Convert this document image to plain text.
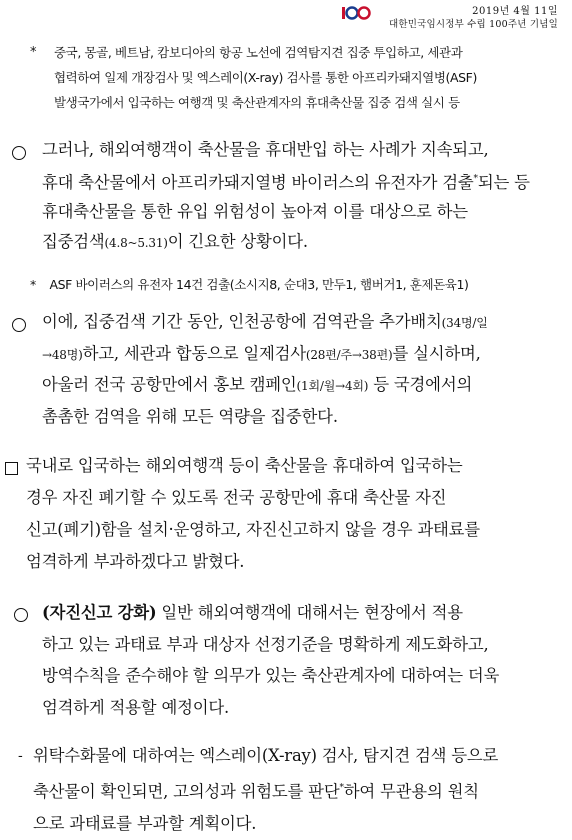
2019년 4월 11일
대한민국임시정부 수립 100주년 기념일
* 중국, 몽골, 베트남, 캄보디아의 항공 노선에 검역탐지견 집중 투입하고, 세관과
협력하여 일제 개장검사 및 엑스레이(X-ray) 검사를 통한 아프리카돼지열병(ASF)
발생국가에서 입국하는 여행객 및 축산관계자의 휴대축산물 집중 검색 실시 등
그러나, 해외여행객이 축산물을 휴대반입 하는 사례가 지속되고,
휴대 축산물에서 아프리카돼지열병 바이러스의 유전자가 검출*되는 등
휴대축산물을 통한 유입 위험성이 높아져 이를 대상으로 하는
집중검색(4.8~5.31)이 긴요한 상황이다.
* ASF 바이러스의 유전자 14건 검출(소시지8, 순대3, 만두1, 햄버거1, 훈제돈육1)
이에, 집중검색 기간 동안, 인천공항에 검역관을 추가배치(34명/일
→48명)하고, 세관과 합동으로 일제검사(28편/주→38편)를 실시하며,
아울러 전국 공항만에서 홍보 캠페인(1회/월→4회) 등 국경에서의
촘촘한 검역을 위해 모든 역량을 집중한다.
국내로 입국하는 해외여행객 등이 축산물을 휴대하여 입국하는
경우 자진 폐기할 수 있도록 전국 공항만에 휴대 축산물 자진
신고(폐기)함을 설치·운영하고, 자진신고하지 않을 경우 과태료를
엄격하게 부과하겠다고 밝혔다.
(자진신고 강화) 일반 해외여행객에 대해서는 현장에서 적용
하고 있는 과태료 부과 대상자 선정기준을 명확하게 제도화하고,
방역수칙을 준수해야 할 의무가 있는 축산관계자에 대하여는 더욱
엄격하게 적용할 예정이다.
- 위탁수화물에 대하여는 엑스레이(X-ray) 검사, 탐지견 검색 등으로
축산물이 확인되면, 고의성과 위험도를 판단*하여 무관용의 원칙
으로 과태료를 부과할 계획이다.
